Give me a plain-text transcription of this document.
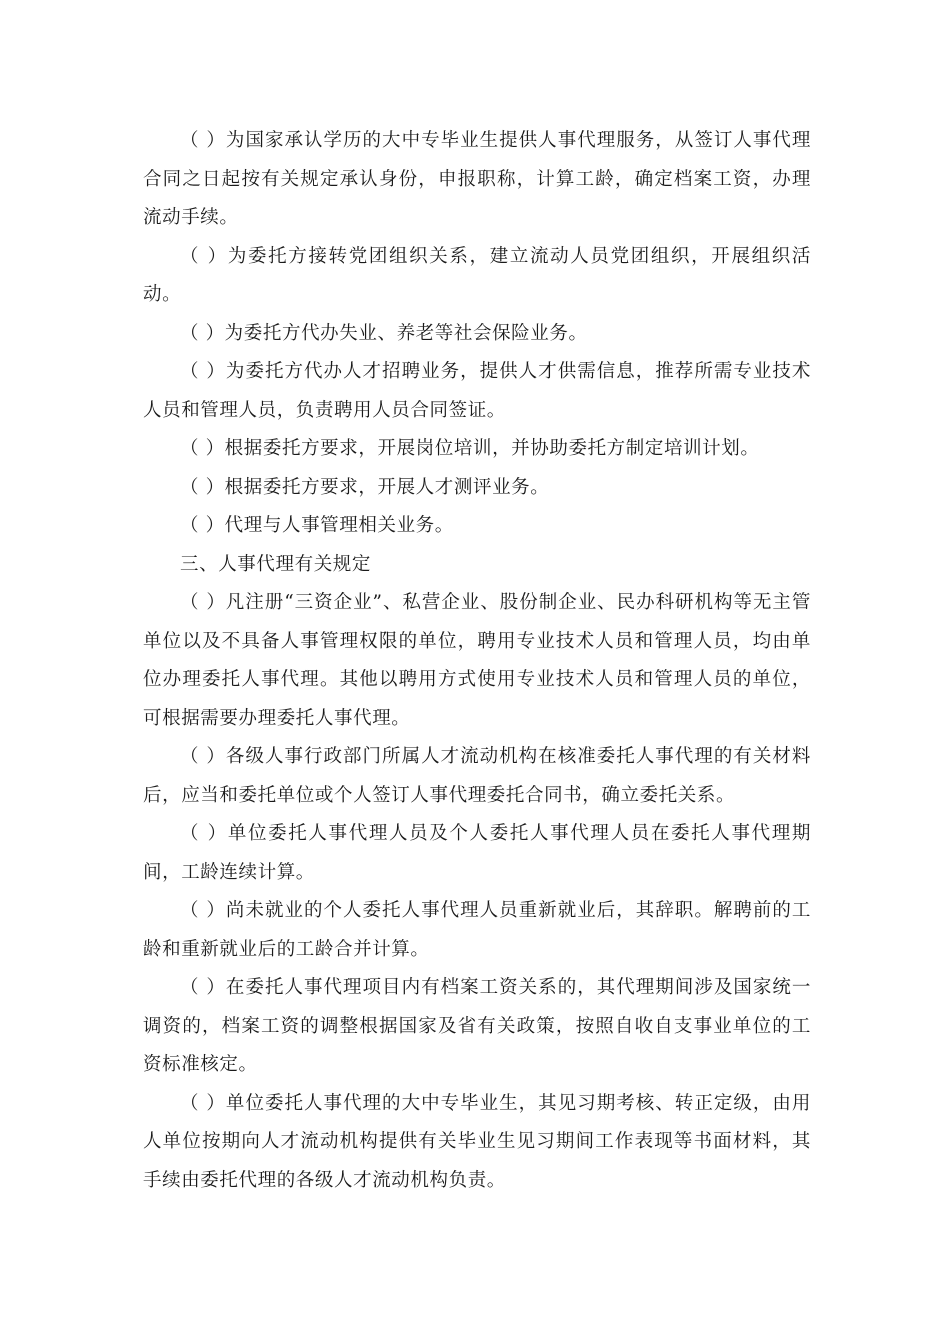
（ ）为国家承认学历的大中专毕业生提供人事代理服务，从签订人事代理合同之日起按有关规定承认身份，申报职称，计算工龄，确定档案工资，办理流动手续。

（ ）为委托方接转党团组织关系，建立流动人员党团组织，开展组织活动。

（ ）为委托方代办失业、养老等社会保险业务。

（ ）为委托方代办人才招聘业务，提供人才供需信息，推荐所需专业技术人员和管理人员，负责聘用人员合同签证。

（ ）根据委托方要求，开展岗位培训，并协助委托方制定培训计划。

（ ）根据委托方要求，开展人才测评业务。

（ ）代理与人事管理相关业务。

三、人事代理有关规定

（ ）凡注册“三资企业”、私营企业、股份制企业、民办科研机构等无主管单位以及不具备人事管理权限的单位，聘用专业技术人员和管理人员，均由单位办理委托人事代理。其他以聘用方式使用专业技术人员和管理人员的单位，可根据需要办理委托人事代理。

（ ）各级人事行政部门所属人才流动机构在核准委托人事代理的有关材料后，应当和委托单位或个人签订人事代理委托合同书，确立委托关系。

（ ）单位委托人事代理人员及个人委托人事代理人员在委托人事代理期间，工龄连续计算。

（ ）尚未就业的个人委托人事代理人员重新就业后，其辞职。解聘前的工龄和重新就业后的工龄合并计算。

（ ）在委托人事代理项目内有档案工资关系的，其代理期间涉及国家统一调资的，档案工资的调整根据国家及省有关政策，按照自收自支事业单位的工资标准核定。

（ ）单位委托人事代理的大中专毕业生，其见习期考核、转正定级，由用人单位按期向人才流动机构提供有关毕业生见习期间工作表现等书面材料，其手续由委托代理的各级人才流动机构负责。
